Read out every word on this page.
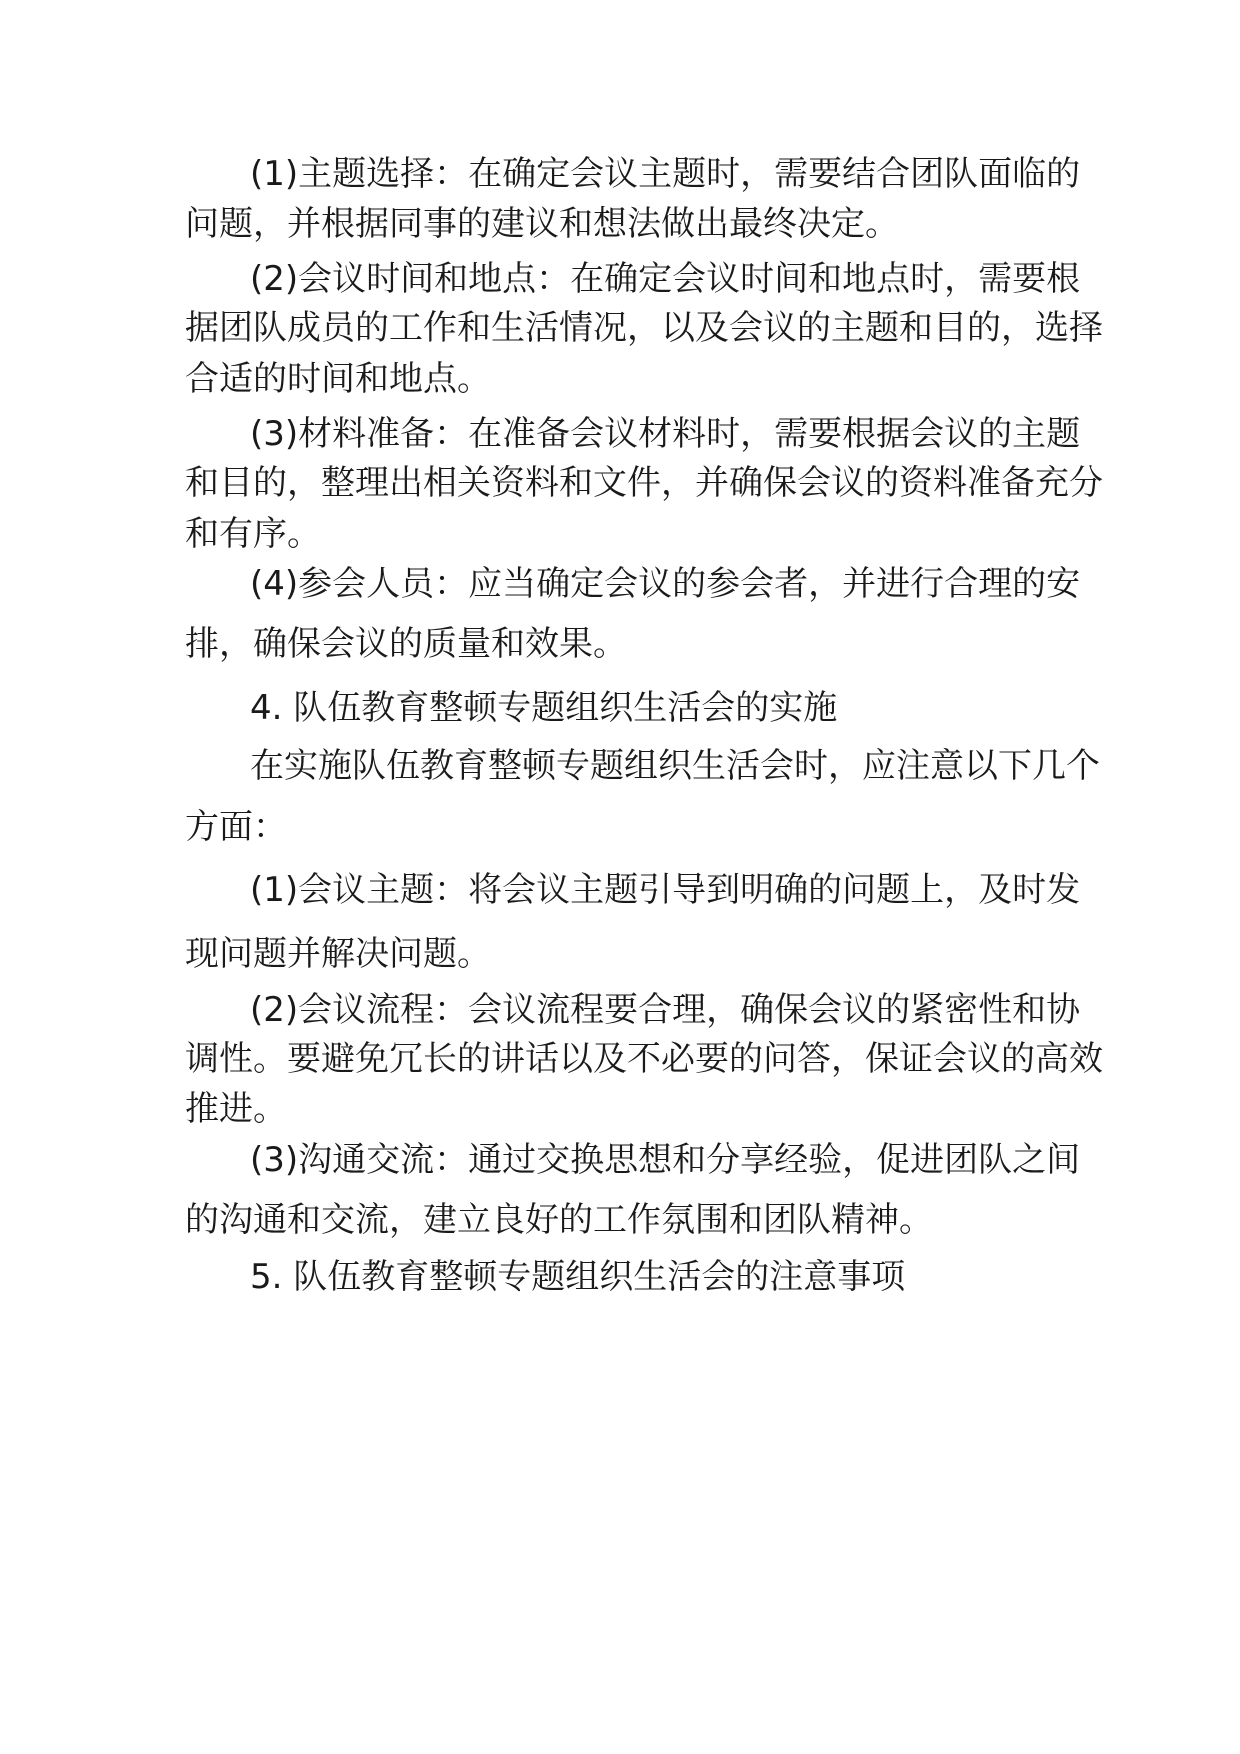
(1)主题选择：在确定会议主题时，需要结合团队面临的
问题，并根据同事的建议和想法做出最终决定。
(2)会议时间和地点：在确定会议时间和地点时，需要根
据团队成员的工作和生活情况，以及会议的主题和目的，选择
合适的时间和地点。
(3)材料准备：在准备会议材料时，需要根据会议的主题
和目的，整理出相关资料和文件，并确保会议的资料准备充分
和有序。
(4)参会人员：应当确定会议的参会者，并进行合理的安
排，确保会议的质量和效果。
4. 队伍教育整顿专题组织生活会的实施
在实施队伍教育整顿专题组织生活会时，应注意以下几个
方面：
(1)会议主题：将会议主题引导到明确的问题上，及时发
现问题并解决问题。
(2)会议流程：会议流程要合理，确保会议的紧密性和协
调性。要避免冗长的讲话以及不必要的问答，保证会议的高效
推进。
(3)沟通交流：通过交换思想和分享经验，促进团队之间
的沟通和交流，建立良好的工作氛围和团队精神。
5. 队伍教育整顿专题组织生活会的注意事项
